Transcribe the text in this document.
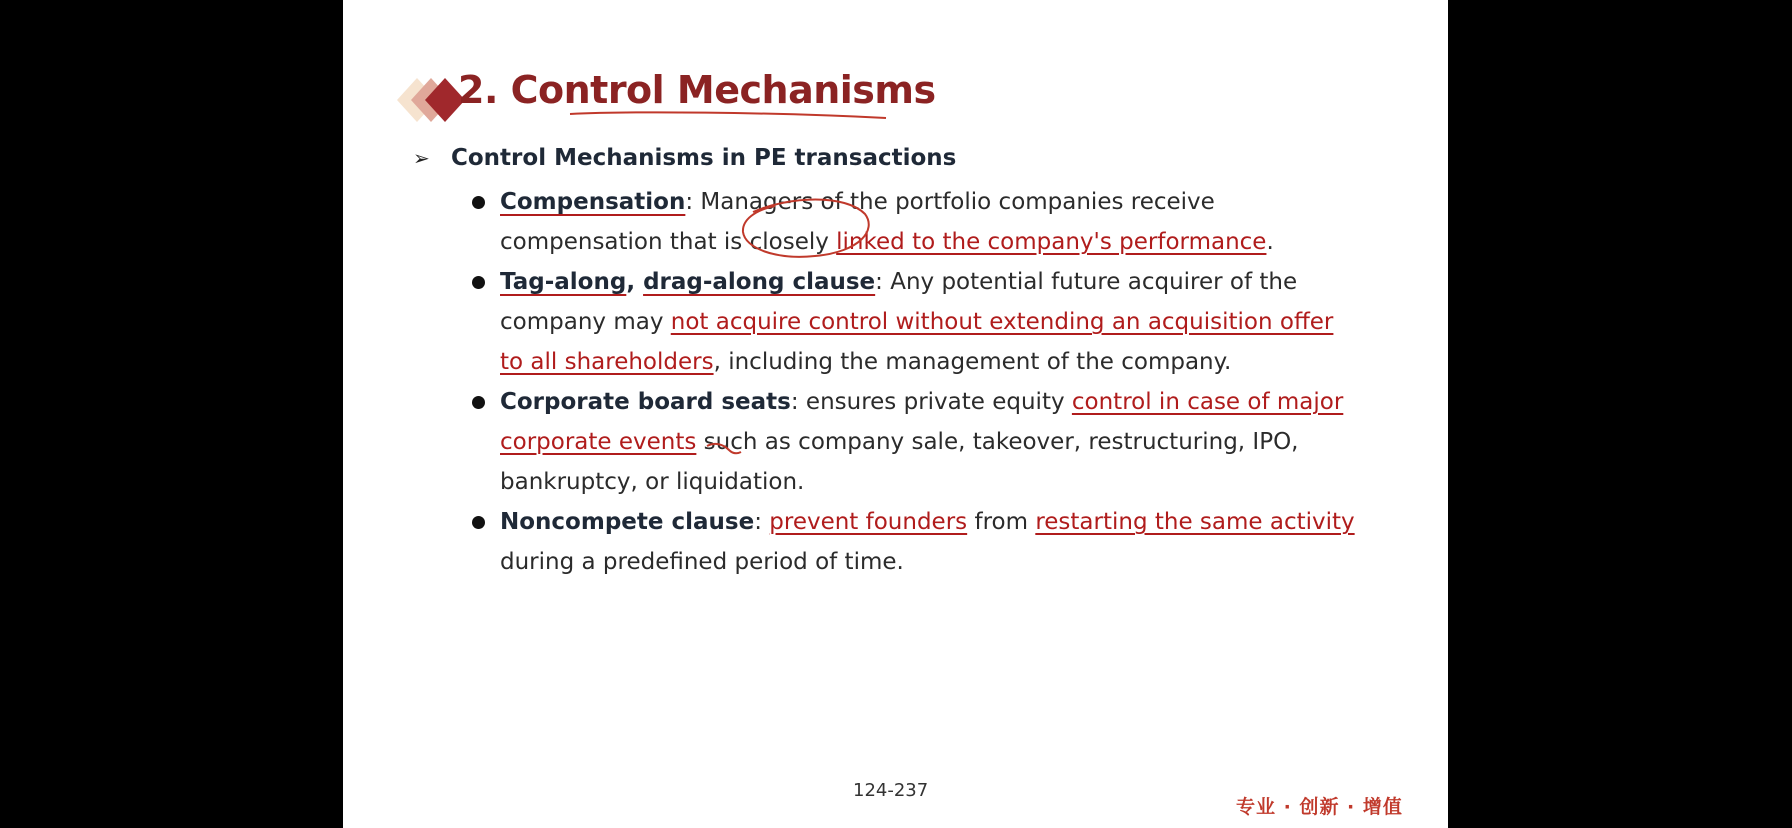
2. Control Mechanisms
➢ Control Mechanisms in PE transactions
Compensation: Managers of the portfolio companies receive compensation that is closely linked to the company's performance.
Tag-along, drag-along clause: Any potential future acquirer of the company may not acquire control without extending an acquisition offer to all shareholders, including the management of the company.
Corporate board seats: ensures private equity control in case of major corporate events such as company sale, takeover, restructuring, IPO, bankruptcy, or liquidation.
Noncompete clause: prevent founders from restarting the same activity during a predefined period of time.
124-237
专业 · 创新 · 增值
